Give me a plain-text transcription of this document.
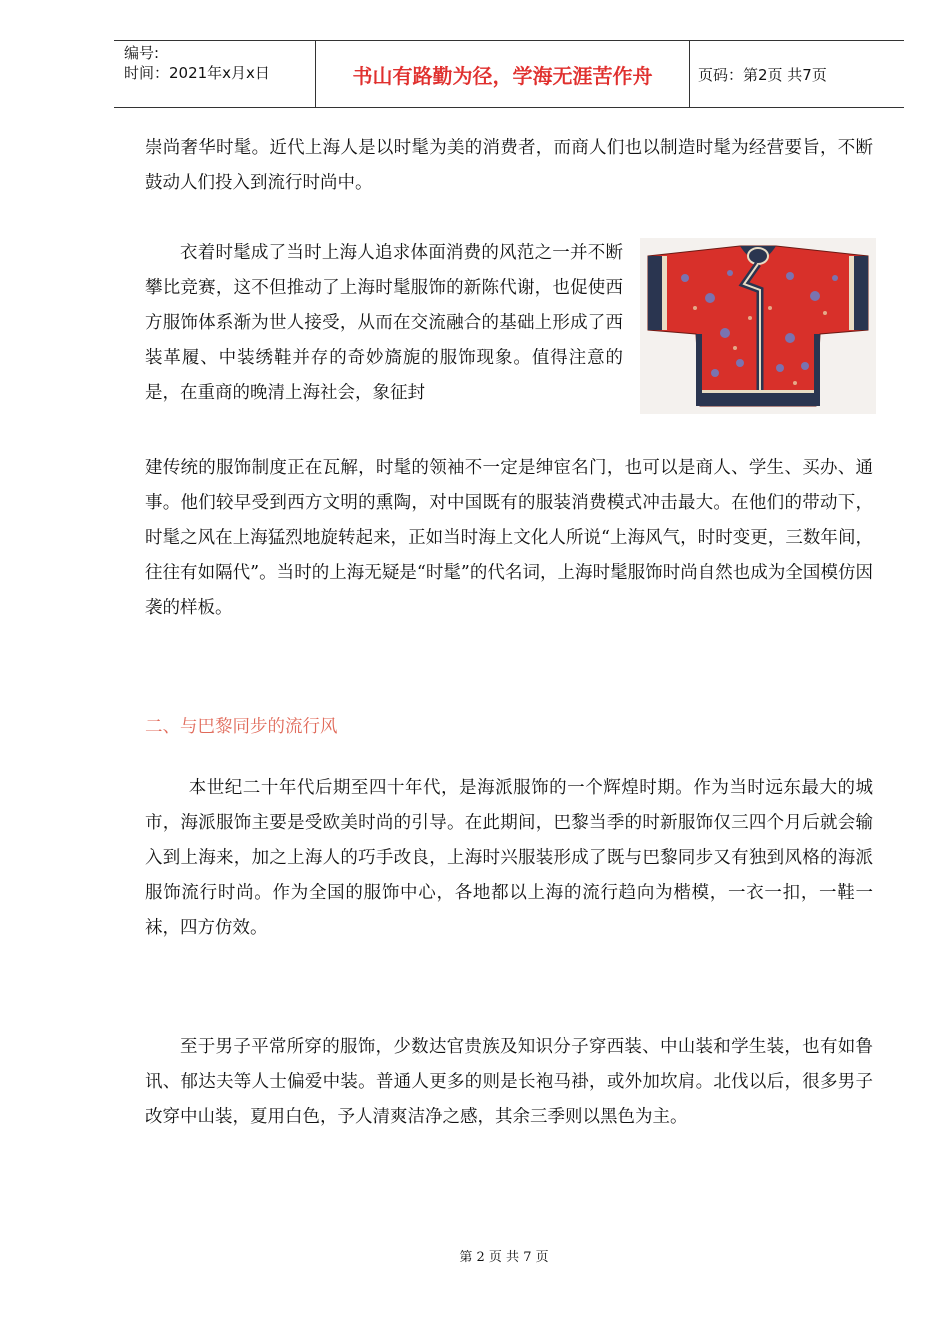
编号:
时间：2021年x月x日	书山有路勤为径，学海无涯苦作舟	页码：第2页 共7页

崇尚奢华时髦。近代上海人是以时髦为美的消费者，而商人们也以制造时髦为经营要旨，不断鼓动人们投入到流行时尚中。

衣着时髦成了当时上海人追求体面消费的风范之一并不断攀比竞赛，这不但推动了上海时髦服饰的新陈代谢，也促使西方服饰体系渐为世人接受，从而在交流融合的基础上形成了西装革履、中装绣鞋并存的奇妙旖旎的服饰现象。值得注意的是，在重商的晚清上海社会，象征封

建传统的服饰制度正在瓦解，时髦的领袖不一定是绅宦名门，也可以是商人、学生、买办、通事。他们较早受到西方文明的熏陶，对中国既有的服装消费模式冲击最大。在他们的带动下，时髦之风在上海猛烈地旋转起来，正如当时海上文化人所说“上海风气，时时变更，三数年间，往往有如隔代”。当时的上海无疑是“时髦”的代名词，上海时髦服饰时尚自然也成为全国模仿因袭的样板。

二、与巴黎同步的流行风

本世纪二十年代后期至四十年代，是海派服饰的一个辉煌时期。作为当时远东最大的城市，海派服饰主要是受欧美时尚的引导。在此期间，巴黎当季的时新服饰仅三四个月后就会输入到上海来，加之上海人的巧手改良，上海时兴服装形成了既与巴黎同步又有独到风格的海派服饰流行时尚。作为全国的服饰中心，各地都以上海的流行趋向为楷模，一衣一扣，一鞋一袜，四方仿效。

至于男子平常所穿的服饰，少数达官贵族及知识分子穿西装、中山装和学生装，也有如鲁讯、郁达夫等人士偏爱中装。普通人更多的则是长袍马褂，或外加坎肩。北伐以后，很多男子改穿中山装，夏用白色，予人清爽洁净之感，其余三季则以黑色为主。

第 2 页 共 7 页
